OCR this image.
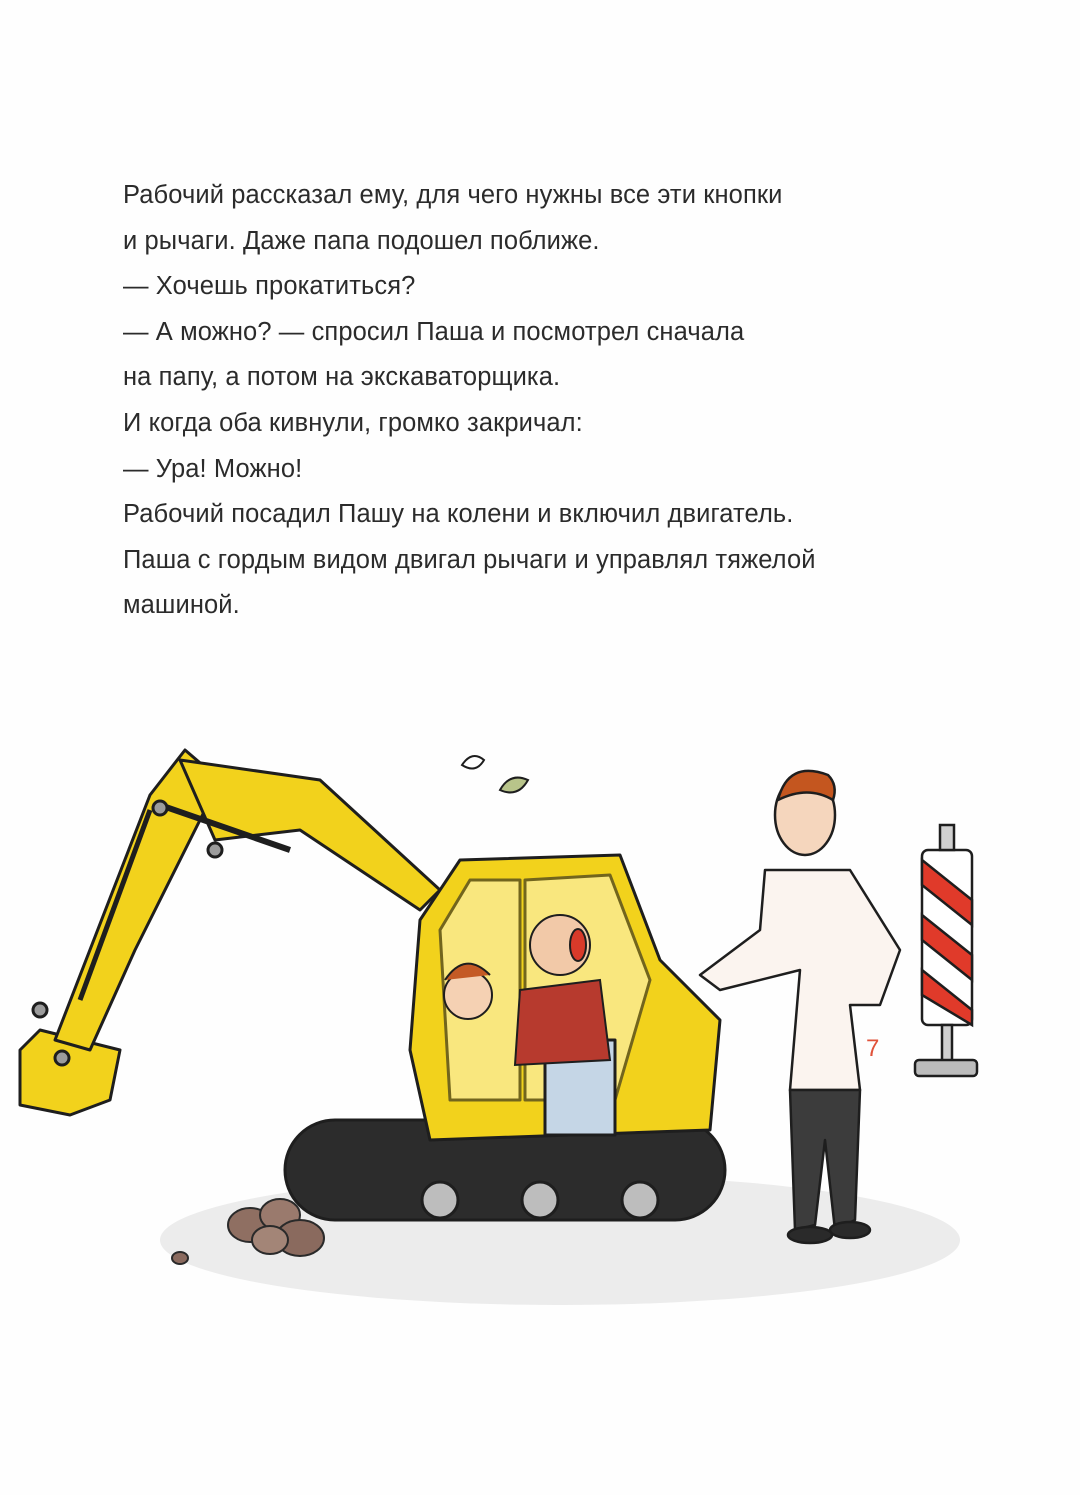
Рабочий рассказал ему, для чего нужны все эти кнопки
и рычаги. Даже папа подошел поближе.
— Хочешь прокатиться?
— А можно? — спросил Паша и посмотрел сначала
на папу, а потом на экскаваторщика.
И когда оба кивнули, громко закричал:
— Ура! Можно!
Рабочий посадил Пашу на колени и включил двигатель.
Паша с гордым видом двигал рычаги и управлял тяжелой
машиной.
7
